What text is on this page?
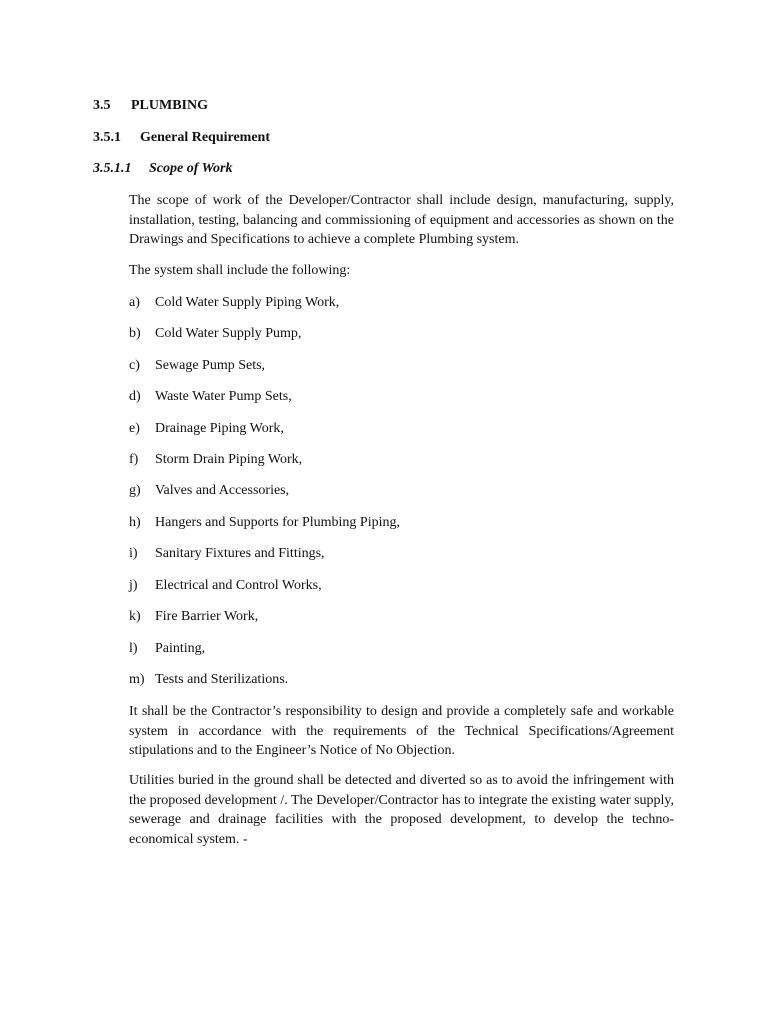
3.5 PLUMBING
3.5.1 General Requirement
3.5.1.1 Scope of Work

The scope of work of the Developer/Contractor shall include design, manufacturing, supply, installation, testing, balancing and commissioning of equipment and accessories as shown on the Drawings and Specifications to achieve a complete Plumbing system.

The system shall include the following:
a) Cold Water Supply Piping Work,
b) Cold Water Supply Pump,
c) Sewage Pump Sets,
d) Waste Water Pump Sets,
e) Drainage Piping Work,
f) Storm Drain Piping Work,
g) Valves and Accessories,
h) Hangers and Supports for Plumbing Piping,
i) Sanitary Fixtures and Fittings,
j) Electrical and Control Works,
k) Fire Barrier Work,
l) Painting,
m) Tests and Sterilizations.

It shall be the Contractor’s responsibility to design and provide a completely safe and workable system in accordance with the requirements of the Technical Specifications/Agreement stipulations and to the Engineer’s Notice of No Objection.

Utilities buried in the ground shall be detected and diverted so as to avoid the infringement with the proposed development /. The Developer/Contractor has to integrate the existing water supply, sewerage and drainage facilities with the proposed development, to develop the techno-economical system. -
